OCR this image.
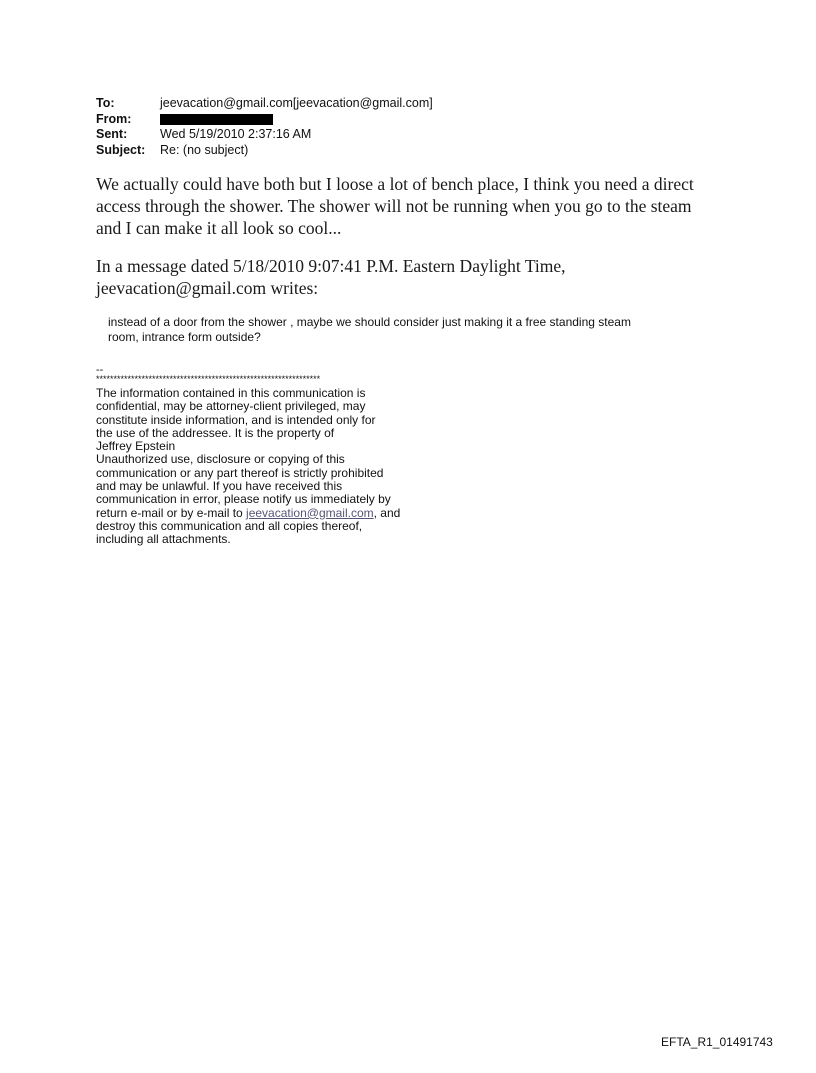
To:	jeevacation@gmail.com[jeevacation@gmail.com]
From:
Sent:	Wed 5/19/2010 2:37:16 AM
Subject:	Re: (no subject)
We actually could have both but I loose a lot of bench place, I think you need a direct
access through the shower. The shower will not be running when you go to the steam
and I can make it all look so cool...
In a message dated 5/18/2010 9:07:41 P.M. Eastern Daylight Time,
jeevacation@gmail.com writes:
instead of a door from the shower , maybe we should consider just making it a free standing steam
room, intrance form outside?
--
****************************************************************
The information contained in this communication is
confidential, may be attorney-client privileged, may
constitute inside information, and is intended only for
the use of the addressee. It is the property of
Jeffrey Epstein
Unauthorized use, disclosure or copying of this
communication or any part thereof is strictly prohibited
and may be unlawful. If you have received this
communication in error, please notify us immediately by
return e-mail or by e-mail to jeevacation@gmail.com, and
destroy this communication and all copies thereof,
including all attachments.
EFTA_R1_01491743
